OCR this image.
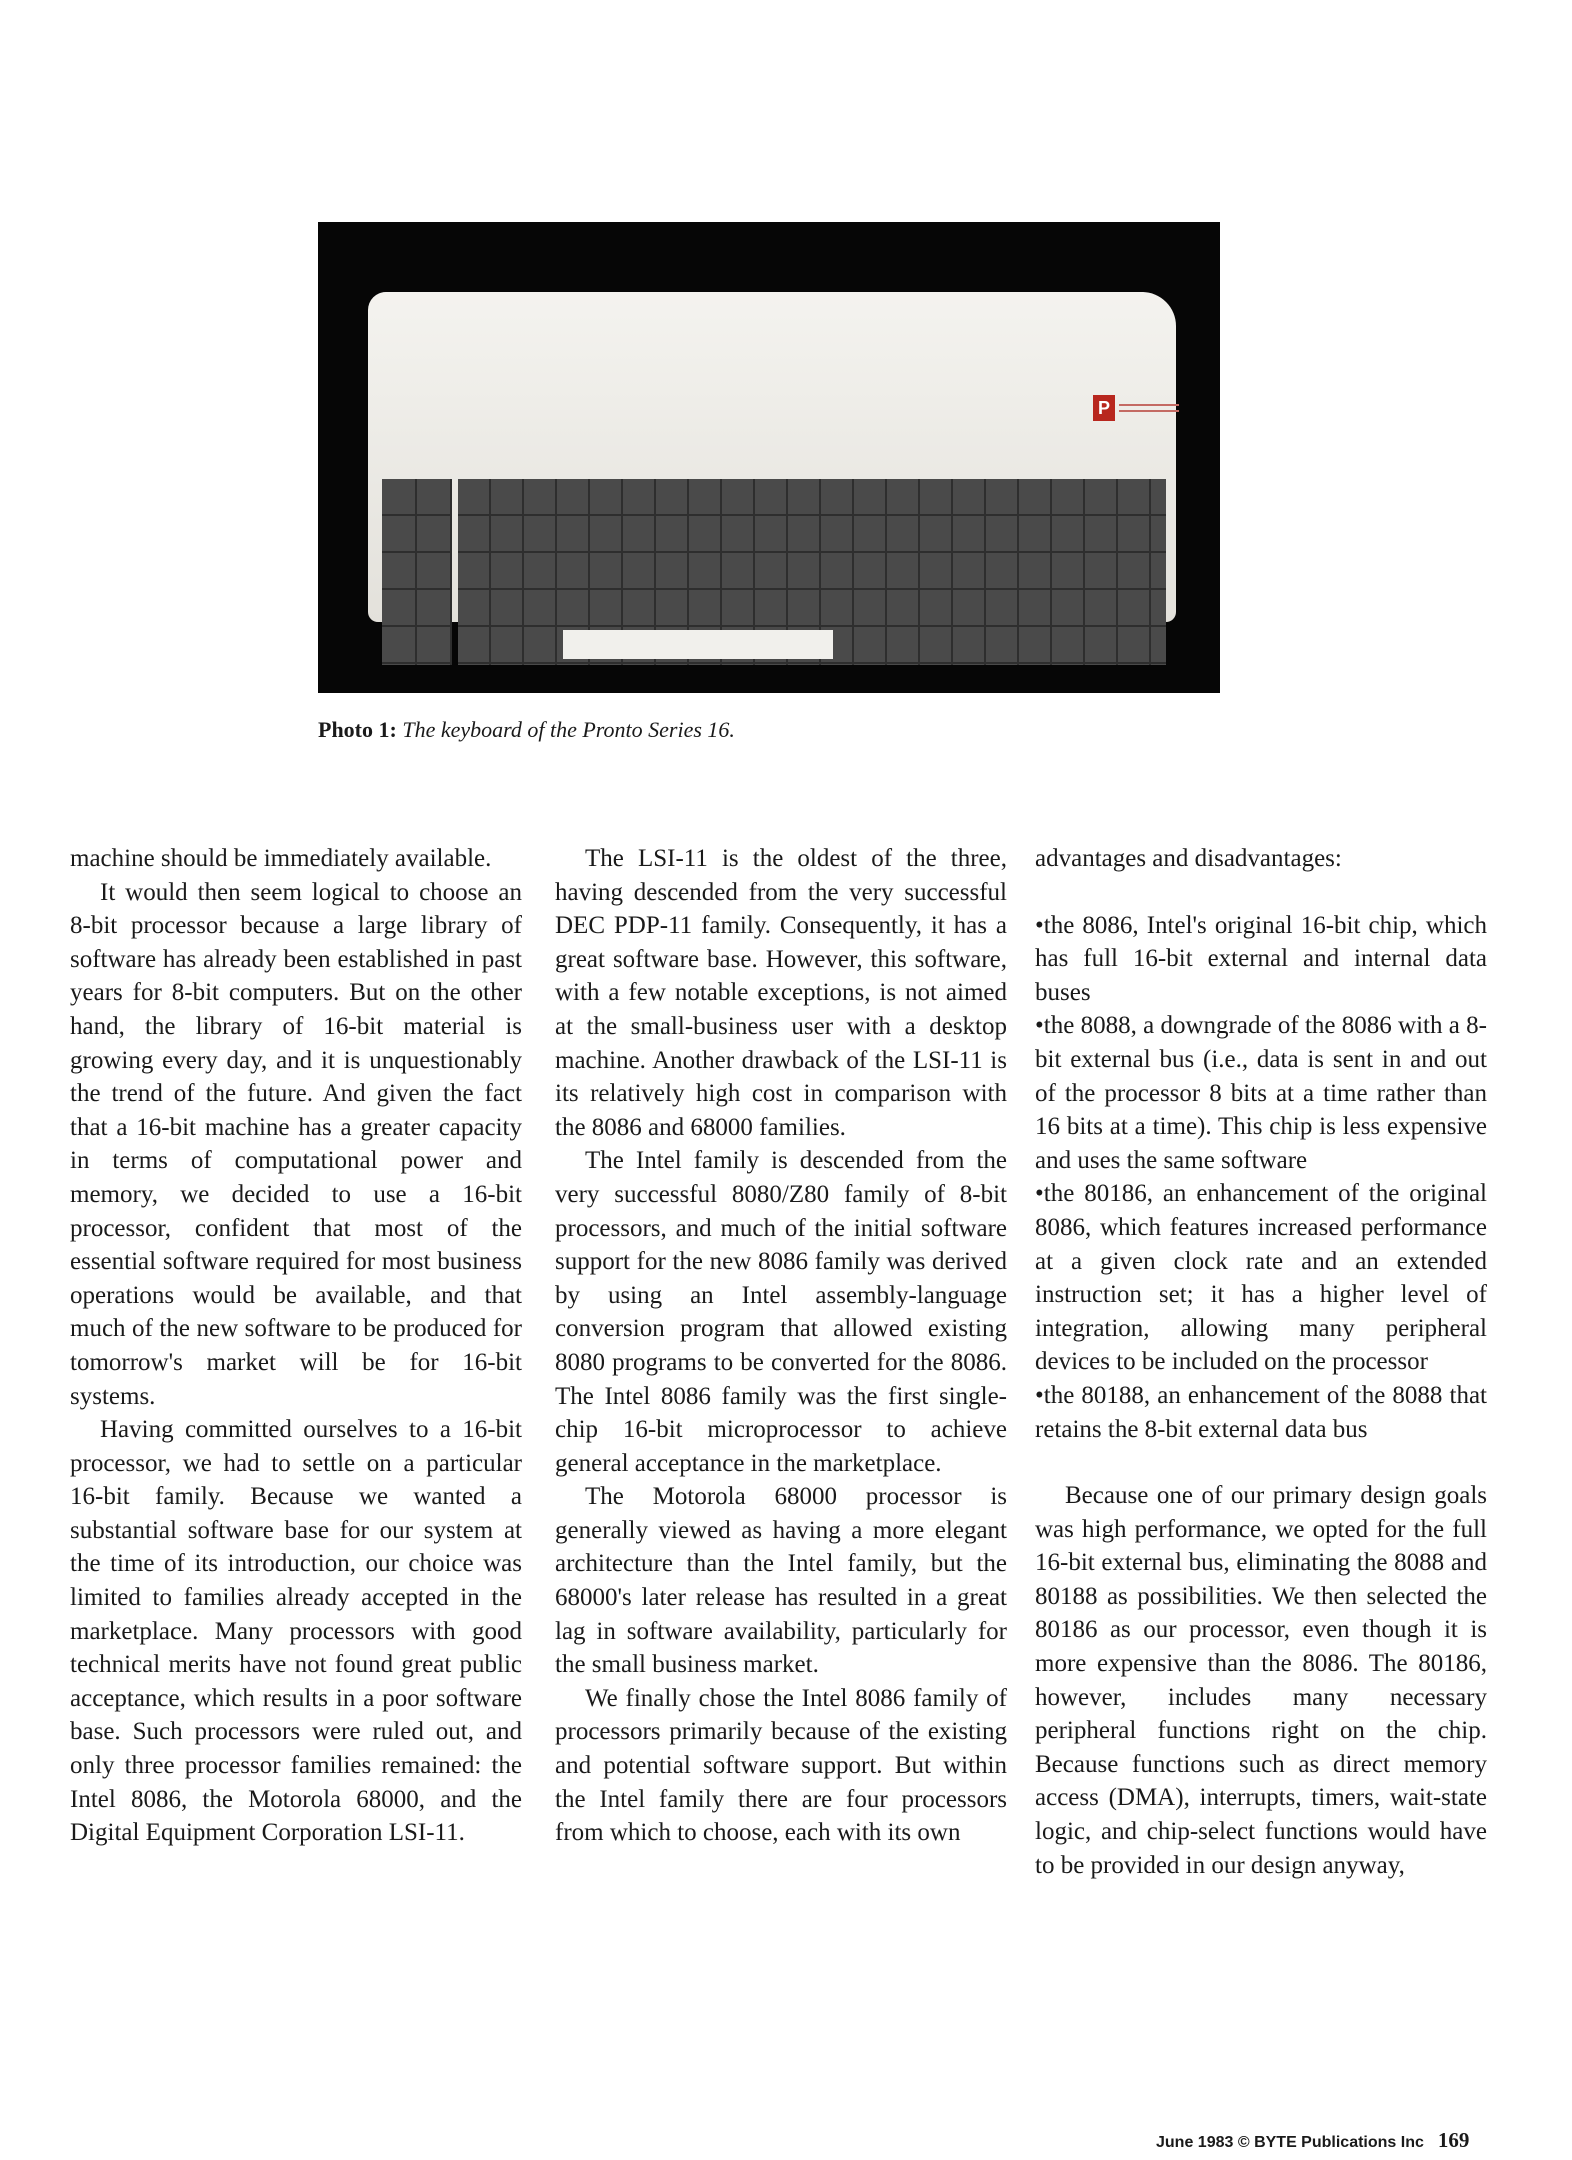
P

Photo 1: The keyboard of the Pronto Series 16.

machine should be immediately available.

It would then seem logical to choose an 8-bit processor because a large library of software has already been established in past years for 8-bit computers. But on the other hand, the library of 16-bit material is growing every day, and it is unquestionably the trend of the future. And given the fact that a 16-bit machine has a greater capacity in terms of computational power and memory, we decided to use a 16-bit processor, confident that most of the essential software required for most business operations would be available, and that much of the new software to be produced for tomorrow's market will be for 16-bit systems.

Having committed ourselves to a 16-bit processor, we had to settle on a particular 16-bit family. Because we wanted a substantial software base for our system at the time of its introduction, our choice was limited to families already accepted in the marketplace. Many processors with good technical merits have not found great public acceptance, which results in a poor software base. Such processors were ruled out, and only three processor families remained: the Intel 8086, the Motorola 68000, and the Digital Equipment Corporation LSI-11.

The LSI-11 is the oldest of the three, having descended from the very successful DEC PDP-11 family. Consequently, it has a great software base. However, this software, with a few notable exceptions, is not aimed at the small-business user with a desktop machine. Another drawback of the LSI-11 is its relatively high cost in comparison with the 8086 and 68000 families.

The Intel family is descended from the very successful 8080/Z80 family of 8-bit processors, and much of the initial software support for the new 8086 family was derived by using an Intel assembly-language conversion program that allowed existing 8080 programs to be converted for the 8086. The Intel 8086 family was the first single-chip 16-bit microprocessor to achieve general acceptance in the marketplace.

The Motorola 68000 processor is generally viewed as having a more elegant architecture than the Intel family, but the 68000's later release has resulted in a great lag in software availability, particularly for the small business market.

We finally chose the Intel 8086 family of processors primarily because of the existing and potential software support. But within the Intel family there are four processors from which to choose, each with its own

advantages and disadvantages:

•the 8086, Intel's original 16-bit chip, which has full 16-bit external and internal data buses

•the 8088, a downgrade of the 8086 with a 8-bit external bus (i.e., data is sent in and out of the processor 8 bits at a time rather than 16 bits at a time). This chip is less expensive and uses the same software

•the 80186, an enhancement of the original 8086, which features increased performance at a given clock rate and an extended instruction set; it has a higher level of integration, allowing many peripheral devices to be included on the processor

•the 80188, an enhancement of the 8088 that retains the 8-bit external data bus

Because one of our primary design goals was high performance, we opted for the full 16-bit external bus, eliminating the 8088 and 80188 as possibilities. We then selected the 80186 as our processor, even though it is more expensive than the 8086. The 80186, however, includes many necessary peripheral functions right on the chip. Because functions such as direct memory access (DMA), interrupts, timers, wait-state logic, and chip-select functions would have to be provided in our design anyway,

June 1983 © BYTE Publications Inc 169
